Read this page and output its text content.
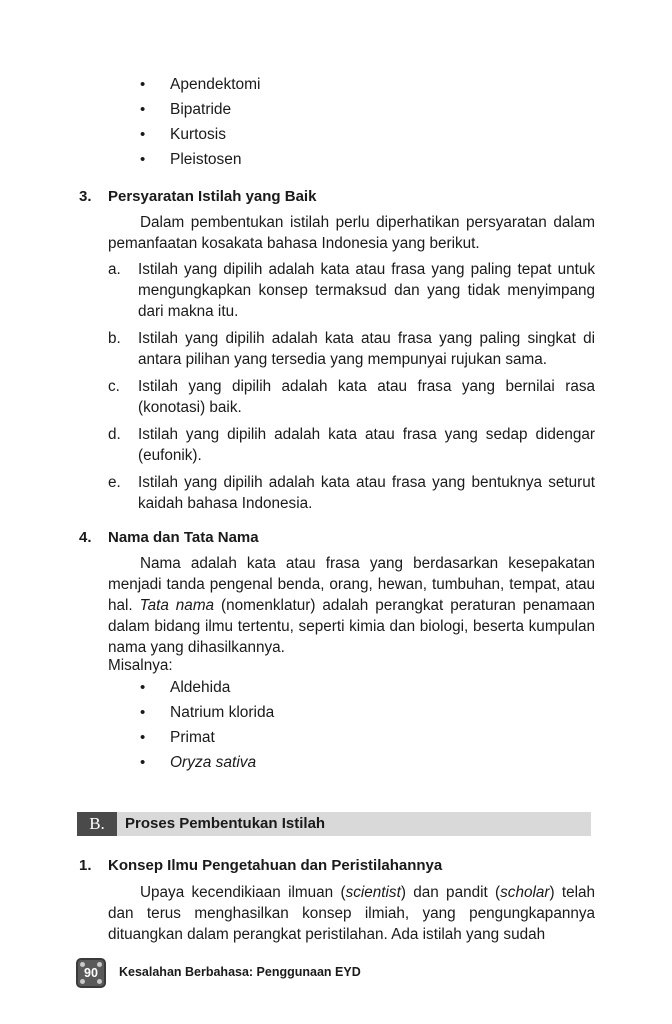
• Apendektomi
• Bipatride
• Kurtosis
• Pleistosen
3. Persyaratan Istilah yang Baik

Dalam pembentukan istilah perlu diperhatikan persyaratan dalam pemanfaatan kosakata bahasa Indonesia yang berikut.

a. Istilah yang dipilih adalah kata atau frasa yang paling tepat untuk mengungkapkan konsep termaksud dan yang tidak menyimpang dari makna itu.
b. Istilah yang dipilih adalah kata atau frasa yang paling singkat di antara pilihan yang tersedia yang mempunyai rujukan sama.
c. Istilah yang dipilih adalah kata atau frasa yang bernilai rasa (konotasi) baik.
d. Istilah yang dipilih adalah kata atau frasa yang sedap didengar (eufonik).
e. Istilah yang dipilih adalah kata atau frasa yang bentuknya seturut kaidah bahasa Indonesia.
4. Nama dan Tata Nama

Nama adalah kata atau frasa yang berdasarkan kesepakatan menjadi tanda pengenal benda, orang, hewan, tumbuhan, tempat, atau hal. Tata nama (nomenklatur) adalah perangkat peraturan penamaan dalam bidang ilmu tertentu, seperti kimia dan biologi, beserta kumpulan nama yang dihasilkannya.

Misalnya:
• Aldehida
• Natrium klorida
• Primat
• Oryza sativa
B.	Proses Pembentukan Istilah
1. Konsep Ilmu Pengetahuan dan Peristilahannya

Upaya kecendikiaan ilmuan (scientist) dan pandit (scholar) telah dan terus menghasilkan konsep ilmiah, yang pengungkapannya dituangkan dalam perangkat peristilahan. Ada istilah yang sudah

90	Kesalahan Berbahasa: Penggunaan EYD
